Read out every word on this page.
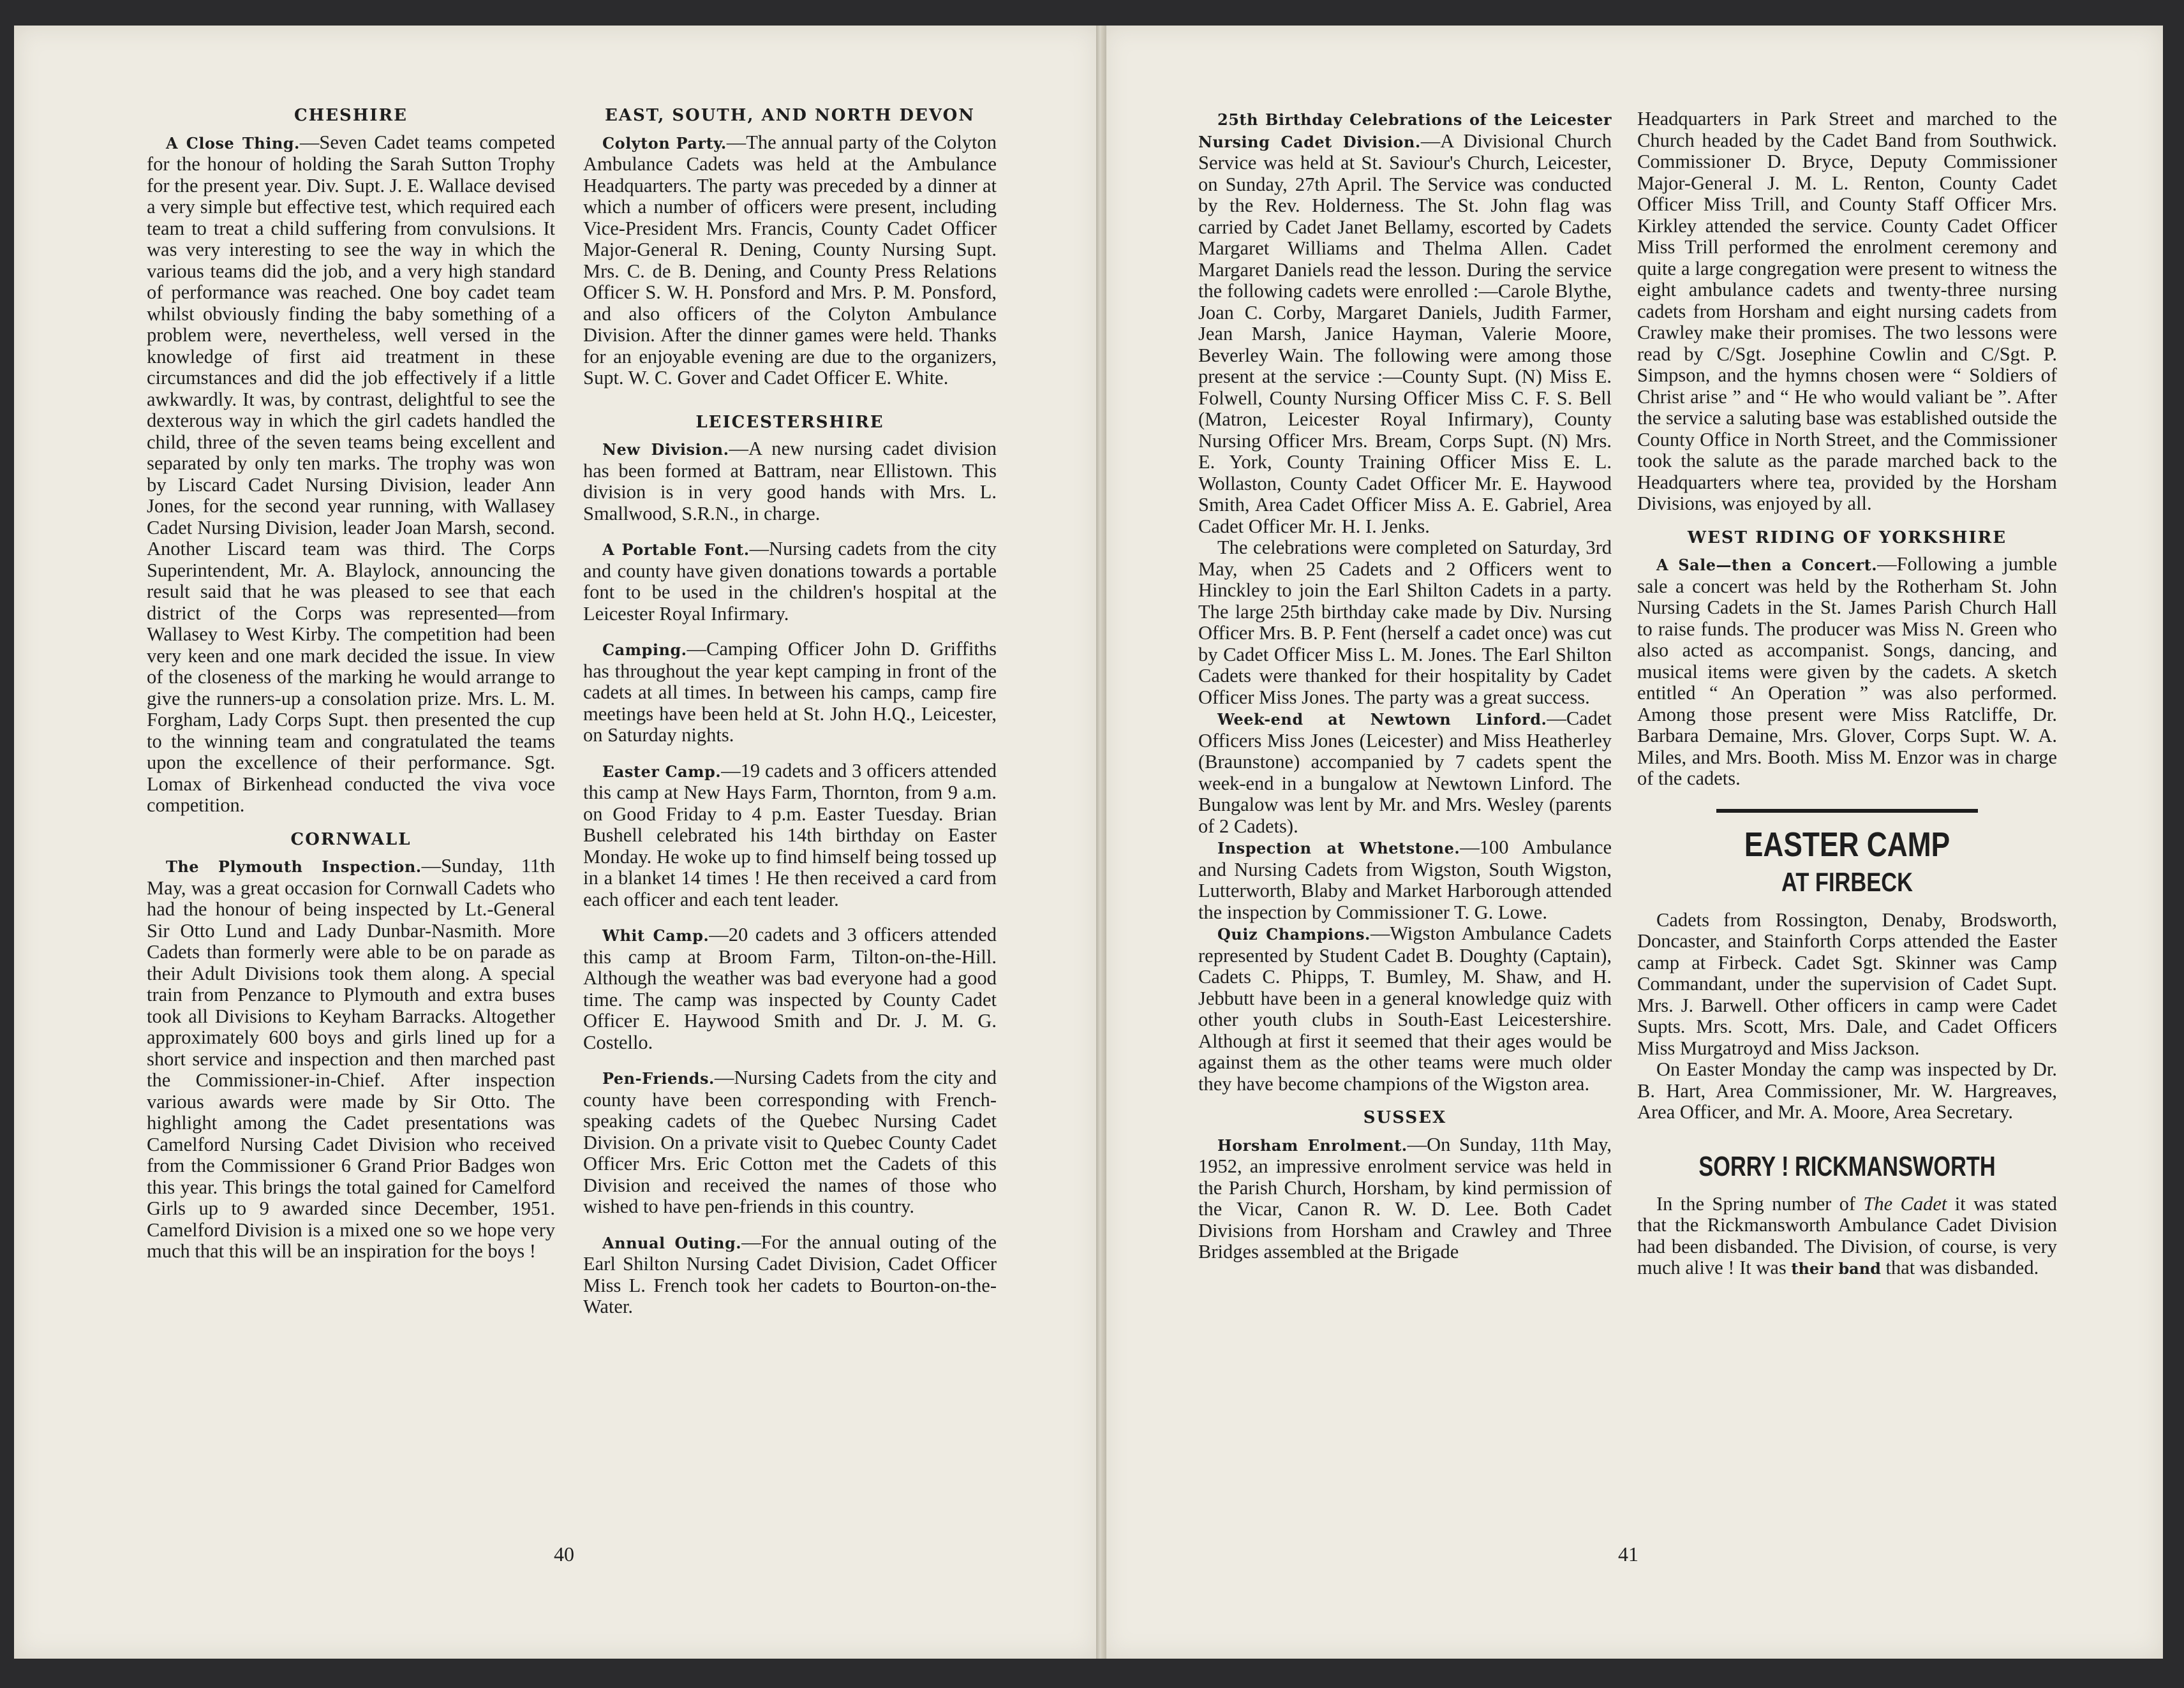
CHESHIRE

A Close Thing.—Seven Cadet teams competed for the honour of holding the Sarah Sutton Trophy for the present year. Div. Supt. J. E. Wallace devised a very simple but effective test, which required each team to treat a child suffering from convulsions. It was very interesting to see the way in which the various teams did the job, and a very high standard of performance was reached. One boy cadet team whilst obviously finding the baby something of a problem were, nevertheless, well versed in the knowledge of first aid treatment in these circumstances and did the job effectively if a little awkwardly. It was, by contrast, delightful to see the dexterous way in which the girl cadets handled the child, three of the seven teams being excellent and separated by only ten marks. The trophy was won by Liscard Cadet Nursing Division, leader Ann Jones, for the second year running, with Wallasey Cadet Nursing Division, leader Joan Marsh, second. Another Liscard team was third. The Corps Superintendent, Mr. A. Blaylock, announcing the result said that he was pleased to see that each district of the Corps was represented—from Wallasey to West Kirby. The competition had been very keen and one mark decided the issue. In view of the closeness of the marking he would arrange to give the runners-up a consolation prize. Mrs. L. M. Forgham, Lady Corps Supt. then presented the cup to the winning team and congratulated the teams upon the excellence of their performance. Sgt. Lomax of Birkenhead conducted the viva voce competition.

CORNWALL

The Plymouth Inspection.—Sunday, 11th May, was a great occasion for Cornwall Cadets who had the honour of being inspected by Lt.-General Sir Otto Lund and Lady Dunbar-Nasmith. More Cadets than formerly were able to be on parade as their Adult Divisions took them along. A special train from Penzance to Plymouth and extra buses took all Divisions to Keyham Barracks. Altogether approximately 600 boys and girls lined up for a short service and inspection and then marched past the Commissioner-in-Chief. After inspection various awards were made by Sir Otto. The highlight among the Cadet presentations was Camelford Nursing Cadet Division who received from the Commissioner 6 Grand Prior Badges won this year. This brings the total gained for Camelford Girls up to 9 awarded since December, 1951. Camelford Division is a mixed one so we hope very much that this will be an inspiration for the boys !

EAST, SOUTH, AND NORTH DEVON

Colyton Party.—The annual party of the Colyton Ambulance Cadets was held at the Ambulance Headquarters. The party was preceded by a dinner at which a number of officers were present, including Vice-President Mrs. Francis, County Cadet Officer Major-General R. Dening, County Nursing Supt. Mrs. C. de B. Dening, and County Press Relations Officer S. W. H. Ponsford and Mrs. P. M. Ponsford, and also officers of the Colyton Ambulance Division. After the dinner games were held. Thanks for an enjoyable evening are due to the organizers, Supt. W. C. Gover and Cadet Officer E. White.

LEICESTERSHIRE

New Division.—A new nursing cadet division has been formed at Battram, near Ellistown. This division is in very good hands with Mrs. L. Smallwood, S.R.N., in charge.

A Portable Font.—Nursing cadets from the city and county have given donations towards a portable font to be used in the children's hospital at the Leicester Royal Infirmary.

Camping.—Camping Officer John D. Griffiths has throughout the year kept camping in front of the cadets at all times. In between his camps, camp fire meetings have been held at St. John H.Q., Leicester, on Saturday nights.

Easter Camp.—19 cadets and 3 officers attended this camp at New Hays Farm, Thornton, from 9 a.m. on Good Friday to 4 p.m. Easter Tuesday. Brian Bushell celebrated his 14th birthday on Easter Monday. He woke up to find himself being tossed up in a blanket 14 times ! He then received a card from each officer and each tent leader.

Whit Camp.—20 cadets and 3 officers attended this camp at Broom Farm, Tilton-on-the-Hill. Although the weather was bad everyone had a good time. The camp was inspected by County Cadet Officer E. Haywood Smith and Dr. J. M. G. Costello.

Pen-Friends.—Nursing Cadets from the city and county have been corresponding with French-speaking cadets of the Quebec Nursing Cadet Division. On a private visit to Quebec County Cadet Officer Mrs. Eric Cotton met the Cadets of this Division and received the names of those who wished to have pen-friends in this country.

Annual Outing.—For the annual outing of the Earl Shilton Nursing Cadet Division, Cadet Officer Miss L. French took her cadets to Bourton-on-the-Water.

40

25th Birthday Celebrations of the Leicester Nursing Cadet Division.—A Divisional Church Service was held at St. Saviour's Church, Leicester, on Sunday, 27th April. The Service was conducted by the Rev. Holderness. The St. John flag was carried by Cadet Janet Bellamy, escorted by Cadets Margaret Williams and Thelma Allen. Cadet Margaret Daniels read the lesson. During the service the following cadets were enrolled :—Carole Blythe, Joan C. Corby, Margaret Daniels, Judith Farmer, Jean Marsh, Janice Hayman, Valerie Moore, Beverley Wain. The following were among those present at the service :—County Supt. (N) Miss E. Folwell, County Nursing Officer Miss C. F. S. Bell (Matron, Leicester Royal Infirmary), County Nursing Officer Mrs. Bream, Corps Supt. (N) Mrs. E. York, County Training Officer Miss E. L. Wollaston, County Cadet Officer Mr. E. Haywood Smith, Area Cadet Officer Miss A. E. Gabriel, Area Cadet Officer Mr. H. I. Jenks.

The celebrations were completed on Saturday, 3rd May, when 25 Cadets and 2 Officers went to Hinckley to join the Earl Shilton Cadets in a party. The large 25th birthday cake made by Div. Nursing Officer Mrs. B. P. Fent (herself a cadet once) was cut by Cadet Officer Miss L. M. Jones. The Earl Shilton Cadets were thanked for their hospitality by Cadet Officer Miss Jones. The party was a great success.

Week-end at Newtown Linford.—Cadet Officers Miss Jones (Leicester) and Miss Heatherley (Braunstone) accompanied by 7 cadets spent the week-end in a bungalow at Newtown Linford. The Bungalow was lent by Mr. and Mrs. Wesley (parents of 2 Cadets).

Inspection at Whetstone.—100 Ambulance and Nursing Cadets from Wigston, South Wigston, Lutterworth, Blaby and Market Harborough attended the inspection by Commissioner T. G. Lowe.

Quiz Champions.—Wigston Ambulance Cadets represented by Student Cadet B. Doughty (Captain), Cadets C. Phipps, T. Bumley, M. Shaw, and H. Jebbutt have been in a general knowledge quiz with other youth clubs in South-East Leicestershire. Although at first it seemed that their ages would be against them as the other teams were much older they have become champions of the Wigston area.

SUSSEX

Horsham Enrolment.—On Sunday, 11th May, 1952, an impressive enrolment service was held in the Parish Church, Horsham, by kind permission of the Vicar, Canon R. W. D. Lee. Both Cadet Divisions from Horsham and Crawley and Three Bridges assembled at the Brigade

Headquarters in Park Street and marched to the Church headed by the Cadet Band from Southwick. Commissioner D. Bryce, Deputy Commissioner Major-General J. M. L. Renton, County Cadet Officer Miss Trill, and County Staff Officer Mrs. Kirkley attended the service. County Cadet Officer Miss Trill performed the enrolment ceremony and quite a large congregation were present to witness the eight ambulance cadets and twenty-three nursing cadets from Horsham and eight nursing cadets from Crawley make their promises. The two lessons were read by C/Sgt. Josephine Cowlin and C/Sgt. P. Simpson, and the hymns chosen were “ Soldiers of Christ arise ” and “ He who would valiant be ”. After the service a saluting base was established outside the County Office in North Street, and the Commissioner took the salute as the parade marched back to the Headquarters where tea, provided by the Horsham Divisions, was enjoyed by all.

WEST RIDING OF YORKSHIRE

A Sale—then a Concert.—Following a jumble sale a concert was held by the Rotherham St. John Nursing Cadets in the St. James Parish Church Hall to raise funds. The producer was Miss N. Green who also acted as accompanist. Songs, dancing, and musical items were given by the cadets. A sketch entitled “ An Operation ” was also performed. Among those present were Miss Ratcliffe, Dr. Barbara Demaine, Mrs. Glover, Corps Supt. W. A. Miles, and Mrs. Booth. Miss M. Enzor was in charge of the cadets.

EASTER CAMP
AT FIRBECK

Cadets from Rossington, Denaby, Brodsworth, Doncaster, and Stainforth Corps attended the Easter camp at Firbeck. Cadet Sgt. Skinner was Camp Commandant, under the supervision of Cadet Supt. Mrs. J. Barwell. Other officers in camp were Cadet Supts. Mrs. Scott, Mrs. Dale, and Cadet Officers Miss Murgatroyd and Miss Jackson.

On Easter Monday the camp was inspected by Dr. B. Hart, Area Commissioner, Mr. W. Hargreaves, Area Officer, and Mr. A. Moore, Area Secretary.

SORRY ! RICKMANSWORTH

In the Spring number of The Cadet it was stated that the Rickmansworth Ambulance Cadet Division had been disbanded. The Division, of course, is very much alive ! It was their band that was disbanded.

41
